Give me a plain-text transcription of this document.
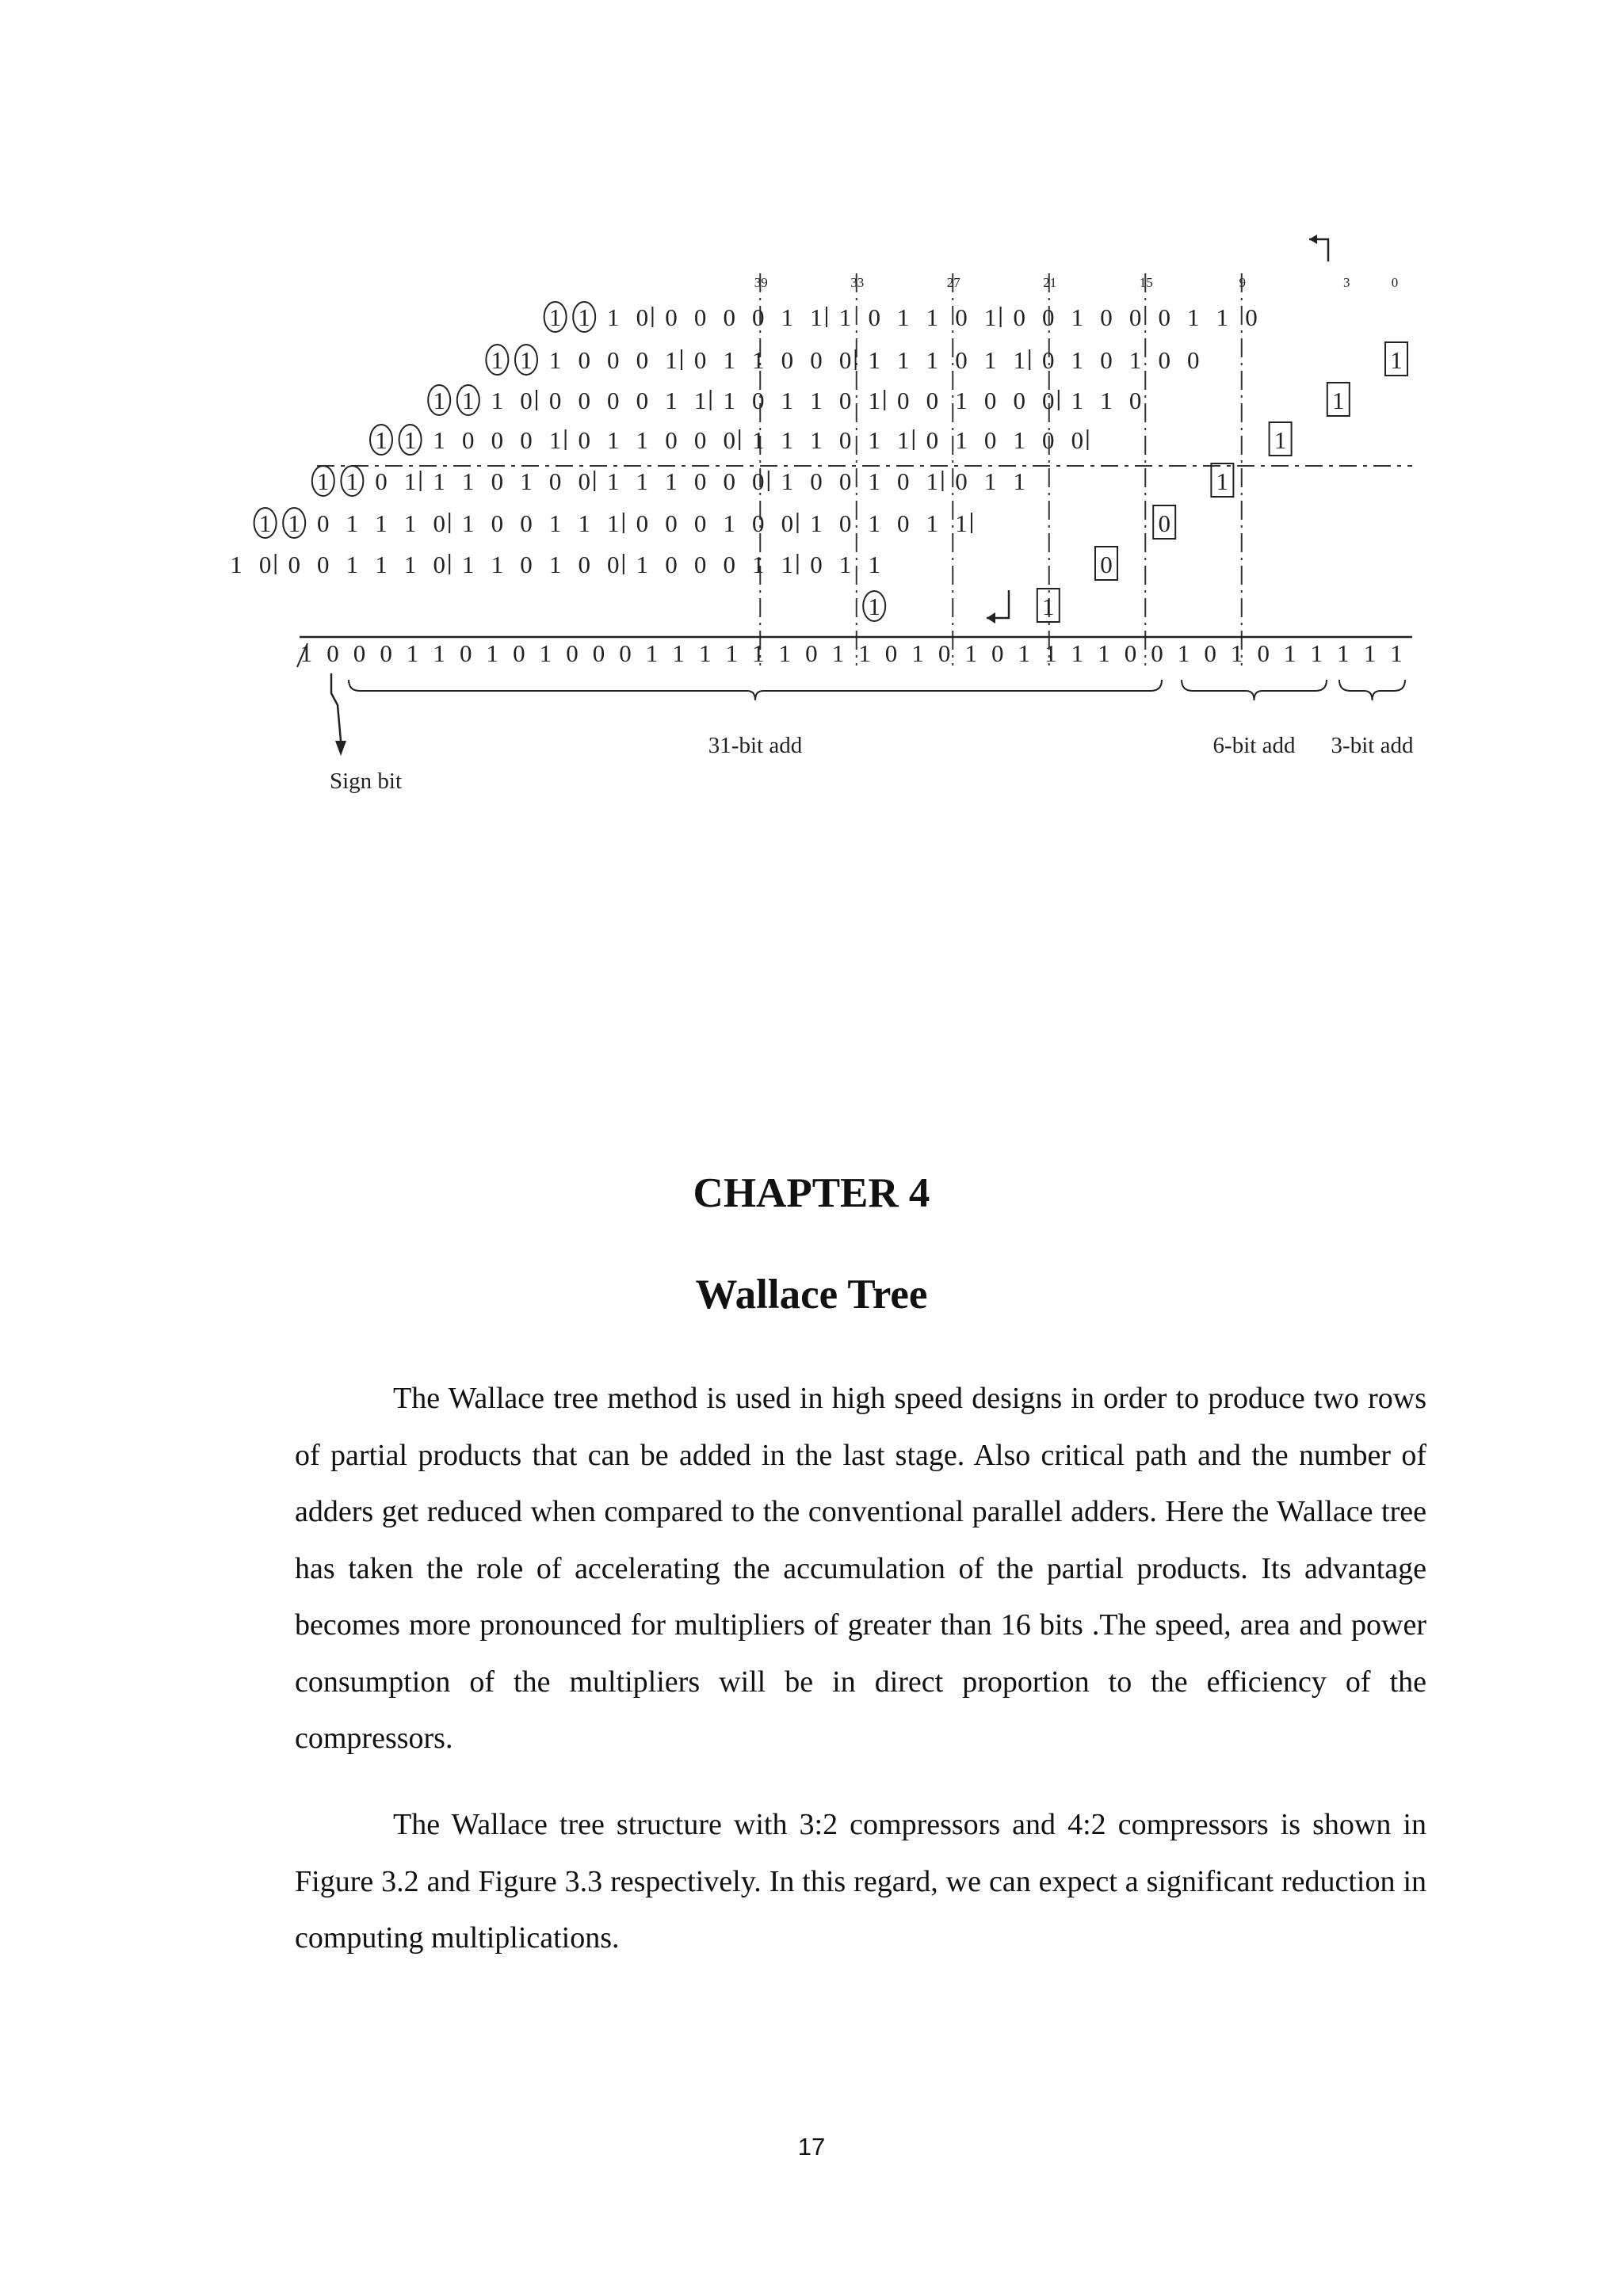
39	33	27	21	15	9	3	0
1 1 1 0 0 0 0 0 1 1 1 0 1 1 0 1 0 0 1 0 0 0 1 1 0
1 1 1 0 0 0 1 0 1 1 0 0 0 1 1 1 0 1 1 0 1 0 1 0 0	1
1 1 1 0 0 0 0 0 1 1 1 0 1 1 0 1 0 0 1 0 0 0 1 1 0	1
1 1 1 0 0 0 1 0 1 1 0 0 0 1 1 1 0 1 1 0 1 0 1 0 0	1
1 1 0 1 1 1 0 1 0 0 1 1 1 0 0 0 1 0 0 1 0 1 0 1 1	1
1 1 0 1 1 1 0 1 0 0 1 1 1 0 0 0 1 0 0 1 0 1 0 1 1	0
1 0 0 0 1 1 1 0 1 1 0 1 0 0 1 0 0 0 1 1 0 1 1	0
1	1
1 0 0 0 1 1 0 1 0 1 0 0 0 1 1 1 1 1 1 0 1 1 0 1 0 1 0 1 1 1 1 0 0 1 0 1 0 1 1 1 1 1
31-bit add	6-bit add 3-bit add
Sign bit
CHAPTER 4
Wallace Tree

The Wallace tree method is used in high speed designs in order to produce two rows of partial products that can be added in the last stage. Also critical path and the number of adders get reduced when compared to the conventional parallel adders. Here the Wallace tree has taken the role of accelerating the accumulation of the partial products. Its advantage becomes more pronounced for multipliers of greater than 16 bits .The speed, area and power consumption of the multipliers will be in direct proportion to the efficiency of the compressors.

The Wallace tree structure with 3:2 compressors and 4:2 compressors is shown in Figure 3.2 and Figure 3.3 respectively. In this regard, we can expect a significant reduction in computing multiplications.

17
